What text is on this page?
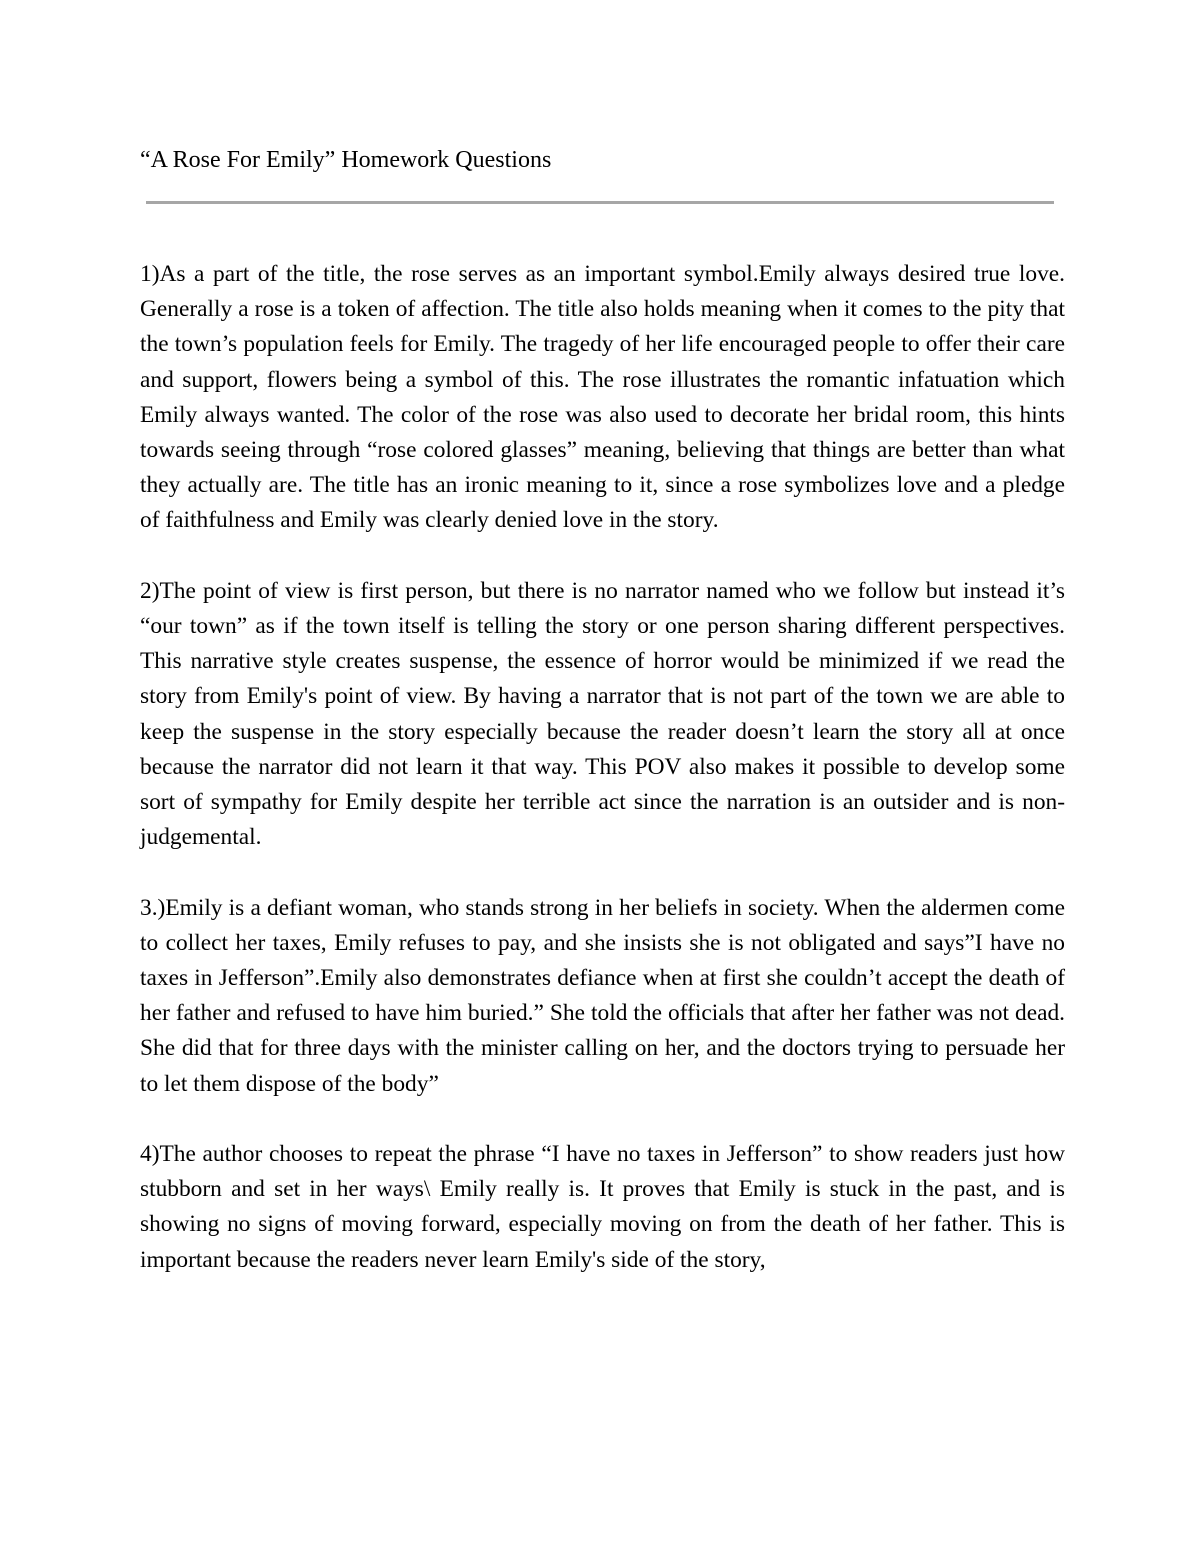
“A Rose For Emily” Homework Questions

1)As a part of the title, the rose serves as an important symbol.Emily always desired true love. Generally a rose is a token of affection. The title also holds meaning when it comes to the pity that the town’s population feels for Emily. The tragedy of her life encouraged people to offer their care and support, flowers being a symbol of this. The rose illustrates the romantic infatuation which Emily always wanted. The color of the rose was also used to decorate her bridal room, this hints towards seeing through “rose colored glasses” meaning, believing that things are better than what they actually are. The title has an ironic meaning to it, since a rose symbolizes love and a pledge of faithfulness and Emily was clearly denied love in the story.

2)The point of view is first person, but there is no narrator named who we follow but instead it’s “our town” as if the town itself is telling the story or one person sharing different perspectives. This narrative style creates suspense, the essence of horror would be minimized if we read the story from Emily's point of view. By having a narrator that is not part of the town we are able to keep the suspense in the story especially because the reader doesn’t learn the story all at once because the narrator did not learn it that way. This POV also makes it possible to develop some sort of sympathy for Emily despite her terrible act since the narration is an outsider and is non-judgemental.

3.)Emily is a defiant woman, who stands strong in her beliefs in society. When the aldermen come to collect her taxes, Emily refuses to pay, and she insists she is not obligated and says”I have no taxes in Jefferson”.Emily also demonstrates defiance when at first she couldn’t accept the death of her father and refused to have him buried.” She told the officials that after her father was not dead. She did that for three days with the minister calling on her, and the doctors trying to persuade her to let them dispose of the body”

4)The author chooses to repeat the phrase “I have no taxes in Jefferson” to show readers just how stubborn and set in her ways\ Emily really is. It proves that Emily is stuck in the past, and is showing no signs of moving forward, especially moving on from the death of her father. This is important because the readers never learn Emily's side of the story,
